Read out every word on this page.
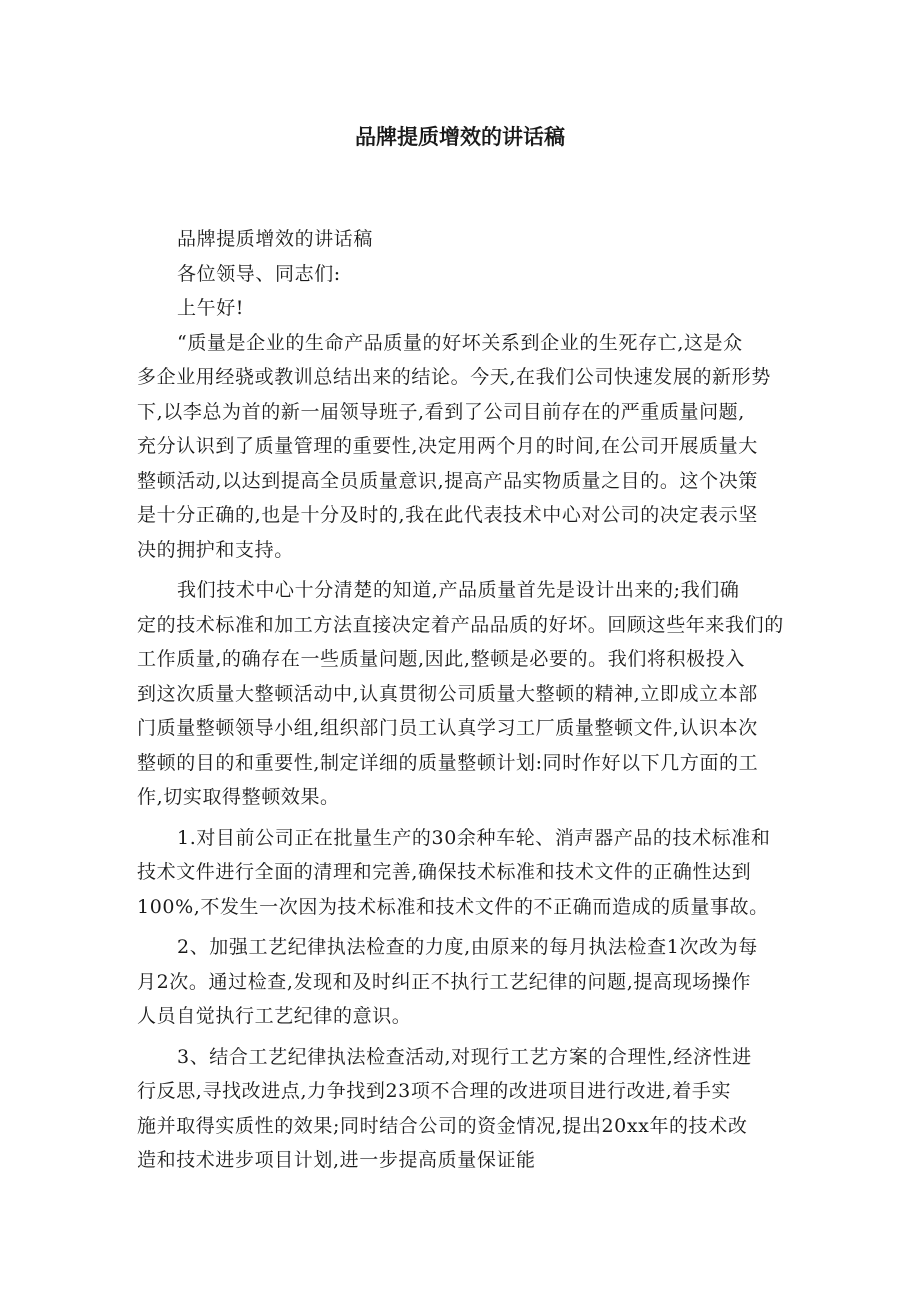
品牌提质增效的讲话稿

品牌提质增效的讲话稿

各位领导、同志们:

上午好!

“质量是企业的生命产品质量的好坏关系到企业的生死存亡,这是众

多企业用经骁或教训总结出来的结论。今天,在我们公司快速发展的新形势

下,以李总为首的新一届领导班子,看到了公司目前存在的严重质量问题,

充分认识到了质量管理的重要性,决定用两个月的时间,在公司开展质量大

整顿活动,以达到提高全员质量意识,提高产品实物质量之目的。这个决策

是十分正确的,也是十分及时的,我在此代表技术中心对公司的决定表示坚

决的拥护和支持。

我们技术中心十分清楚的知道,产品质量首先是设计出来的;我们确

定的技术标准和加工方法直接决定着产品品质的好坏。回顾这些年来我们的

工作质量,的确存在一些质量问题,因此,整顿是必要的。我们将积极投入

到这次质量大整顿活动中,认真贯彻公司质量大整顿的精神,立即成立本部

门质量整顿领导小组,组织部门员工认真学习工厂质量整顿文件,认识本次

整顿的目的和重要性,制定详细的质量整顿计划:同时作好以下几方面的工

作,切实取得整顿效果。

1.对目前公司正在批量生产的30余种车轮、消声器产品的技术标准和

技术文件进行全面的清理和完善,确保技术标准和技术文件的正确性达到

100%,不发生一次因为技术标准和技术文件的不正确而造成的质量事故。

2、加强工艺纪律执法检查的力度,由原来的每月执法检查1次改为每

月2次。通过检查,发现和及时纠正不执行工艺纪律的问题,提高现场操作

人员自觉执行工艺纪律的意识。

3、结合工艺纪律执法检查活动,对现行工艺方案的合理性,经济性进

行反思,寻找改进点,力争找到23项不合理的改进项目进行改进,着手实

施并取得实质性的效果;同时结合公司的资金情况,提出20xx年的技术改

造和技术进步项目计划,进一步提高质量保证能
